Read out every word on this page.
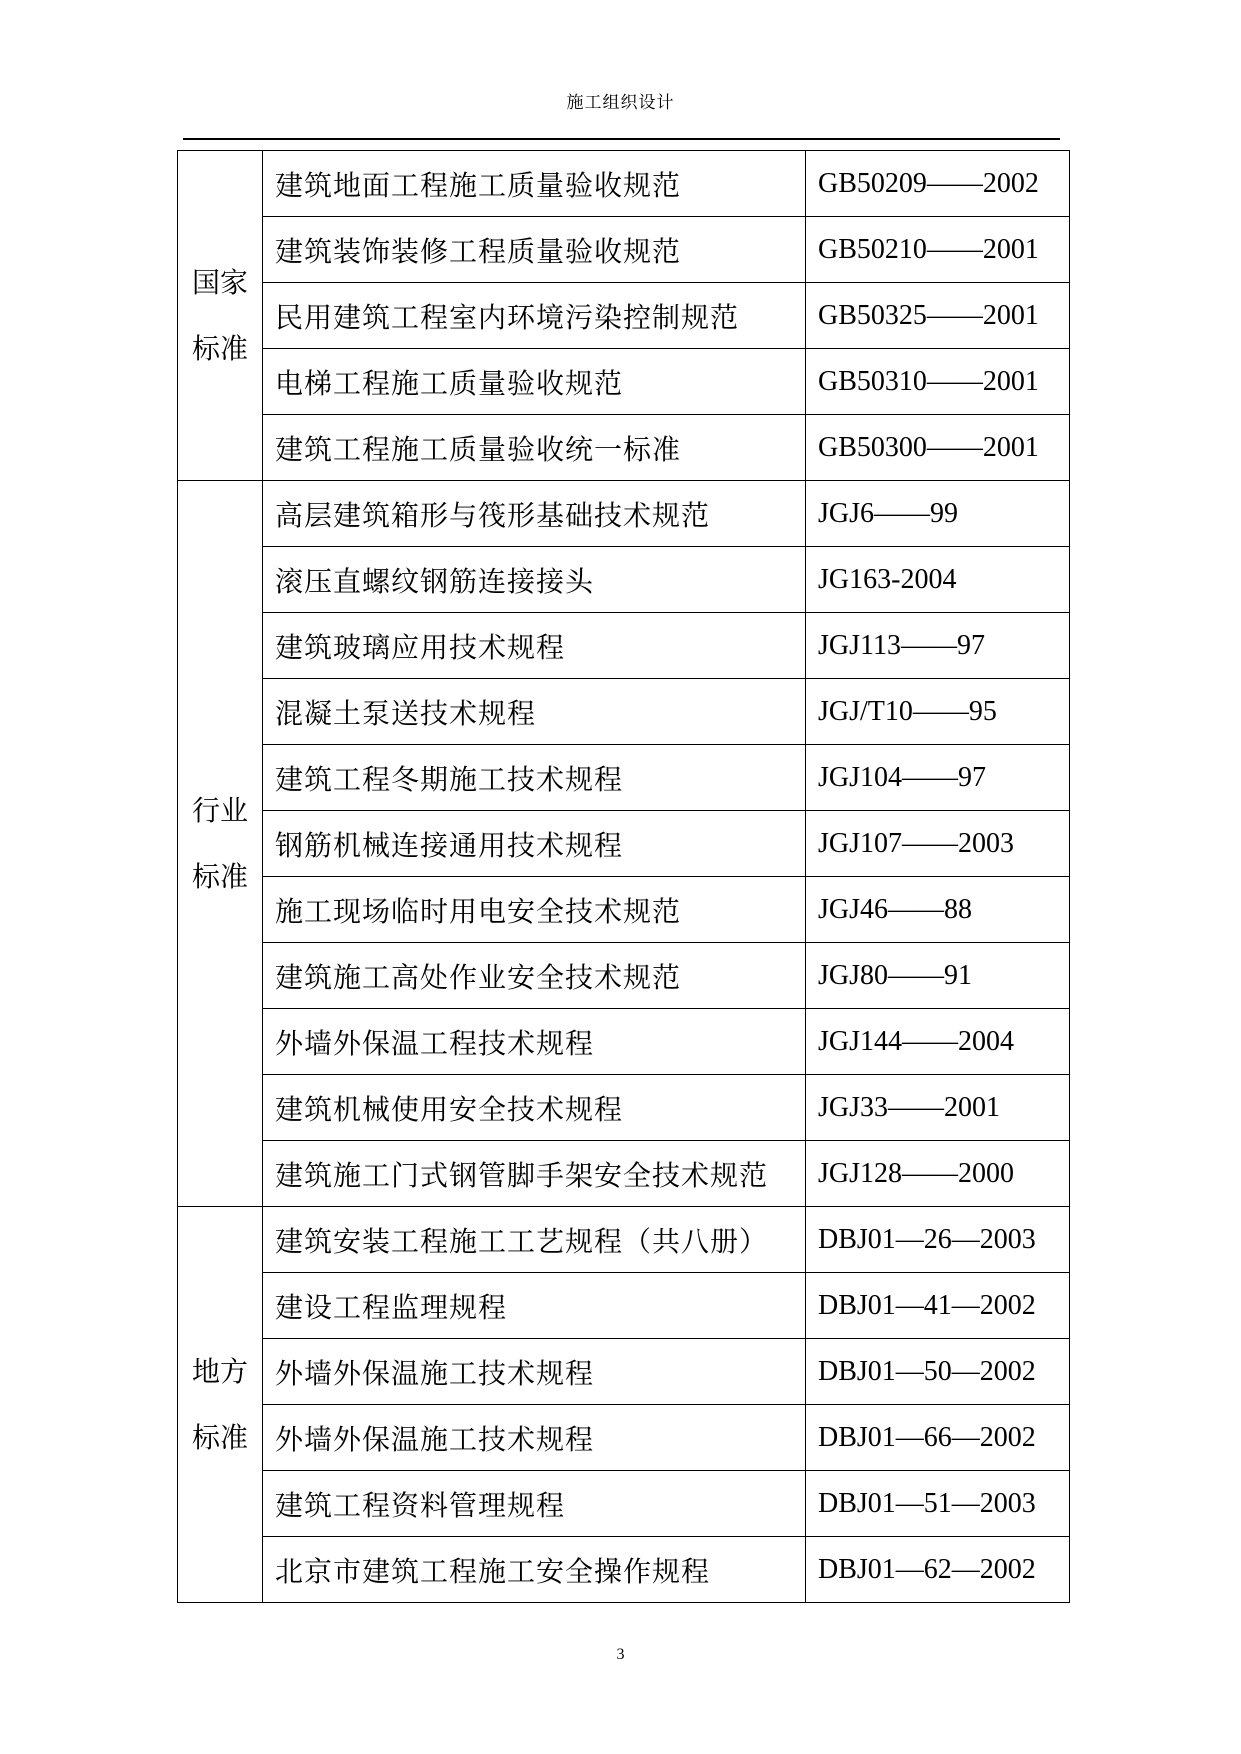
施工组织设计
国家
标准	建筑地面工程施工质量验收规范	GB50209——2002
	建筑装饰装修工程质量验收规范	GB50210——2001
	民用建筑工程室内环境污染控制规范	GB50325——2001
	电梯工程施工质量验收规范	GB50310——2001
	建筑工程施工质量验收统一标准	GB50300——2001

行业
标准	高层建筑箱形与筏形基础技术规范	JGJ6——99
	滚压直螺纹钢筋连接接头	JG163-2004
	建筑玻璃应用技术规程	JGJ113——97
	混凝土泵送技术规程	JGJ/T10——95
	建筑工程冬期施工技术规程	JGJ104——97
	钢筋机械连接通用技术规程	JGJ107——2003
	施工现场临时用电安全技术规范	JGJ46——88
	建筑施工高处作业安全技术规范	JGJ80——91
	外墙外保温工程技术规程	JGJ144——2004
	建筑机械使用安全技术规程	JGJ33——2001
	建筑施工门式钢管脚手架安全技术规范	JGJ128——2000

地方
标准	建筑安装工程施工工艺规程（共八册）	DBJ01—26—2003
	建设工程监理规程	DBJ01—41—2002
	外墙外保温施工技术规程	DBJ01—50—2002
	外墙外保温施工技术规程	DBJ01—66—2002
	建筑工程资料管理规程	DBJ01—51—2003
	北京市建筑工程施工安全操作规程	DBJ01—62—2002
3
